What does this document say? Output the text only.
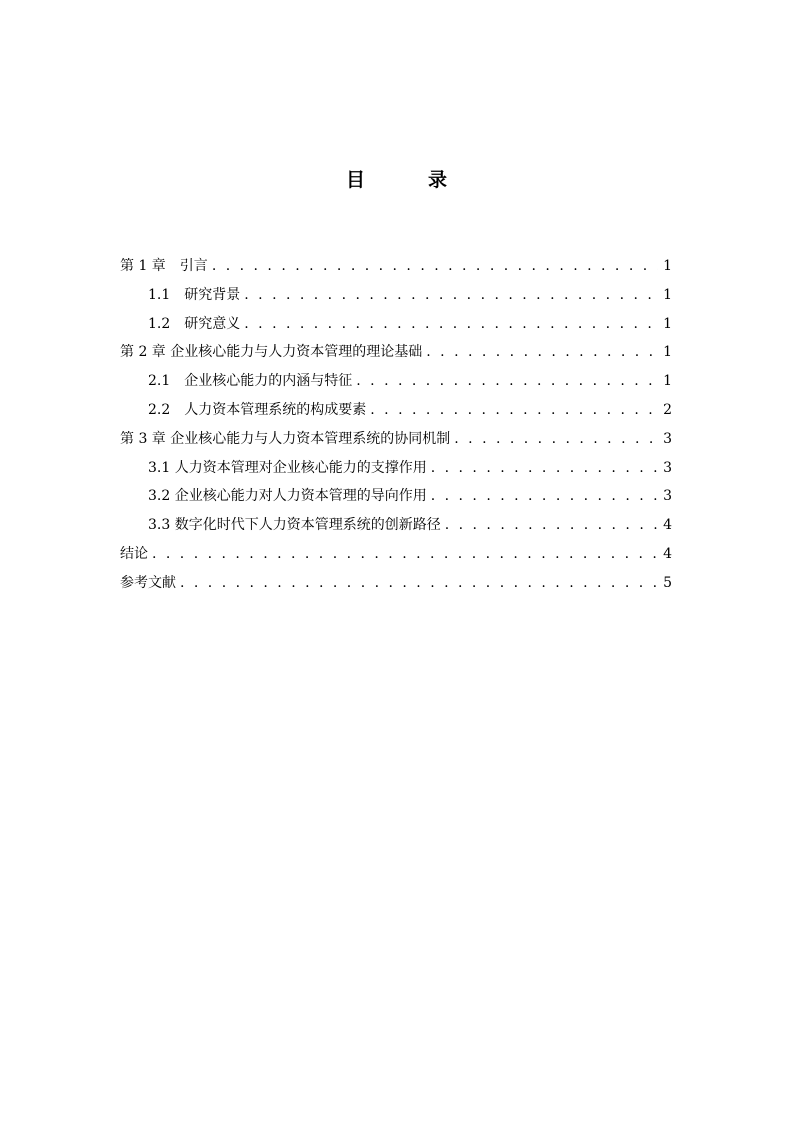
目　录
第 1 章　引言 . . .	1
1.1　研究背景 . . .	1
1.2　研究意义 . . .	1
第 2 章 企业核心能力与人力资本管理的理论基础 . . .	1
2.1　企业核心能力的内涵与特征 . . .	1
2.2　人力资本管理系统的构成要素 . . .	2
第 3 章 企业核心能力与人力资本管理系统的协同机制 . . .	3
3.1 人力资本管理对企业核心能力的支撑作用 . . .	3
3.2 企业核心能力对人力资本管理的导向作用 . . .	3
3.3 数字化时代下人力资本管理系统的创新路径 . . .	4
结论 . . .	4
参考文献 . . .	5
